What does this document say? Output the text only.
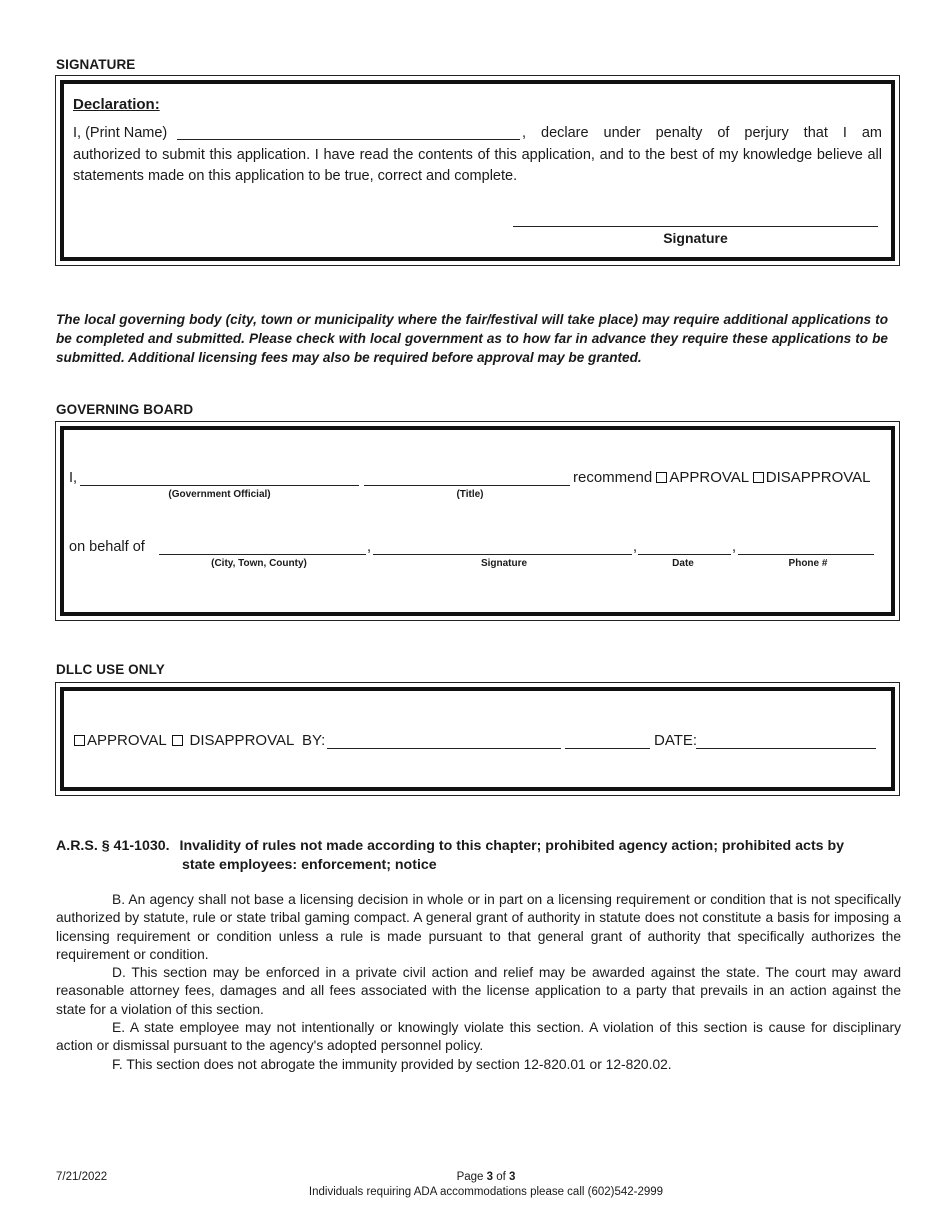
SIGNATURE
Declaration:
I, (Print Name)	, declare under penalty of perjury that I am
authorized to submit this application. I have read the contents of this application, and to the best of my knowledge believe all statements made on this application to be true, correct and complete.
Signature
The local governing body (city, town or municipality where the fair/festival will take place) may require additional applications to be completed and submitted. Please check with local government as to how far in advance they require these applications to be submitted. Additional licensing fees may also be required before approval may be granted.
GOVERNING BOARD
I,
(Government Official)	(Title)
recommend APPROVAL DISAPPROVAL
on behalf of
(City, Town, County)
,
Signature
,
Date
,
Phone #
DLLC USE ONLY
APPROVAL DISAPPROVAL BY:	DATE:
A.R.S. § 41-1030. Invalidity of rules not made according to this chapter; prohibited agency action; prohibited acts by
state employees: enforcement; notice
B. An agency shall not base a licensing decision in whole or in part on a licensing requirement or condition that is not specifically authorized by statute, rule or state tribal gaming compact. A general grant of authority in statute does not constitute a basis for imposing a licensing requirement or condition unless a rule is made pursuant to that general grant of authority that specifically authorizes the requirement or condition.
D. This section may be enforced in a private civil action and relief may be awarded against the state. The court may award reasonable attorney fees, damages and all fees associated with the license application to a party that prevails in an action against the state for a violation of this section.
E. A state employee may not intentionally or knowingly violate this section. A violation of this section is cause for disciplinary action or dismissal pursuant to the agency's adopted personnel policy.
F. This section does not abrogate the immunity provided by section 12-820.01 or 12-820.02.
7/21/2022	Page 3 of 3
Individuals requiring ADA accommodations please call (602)542-2999
